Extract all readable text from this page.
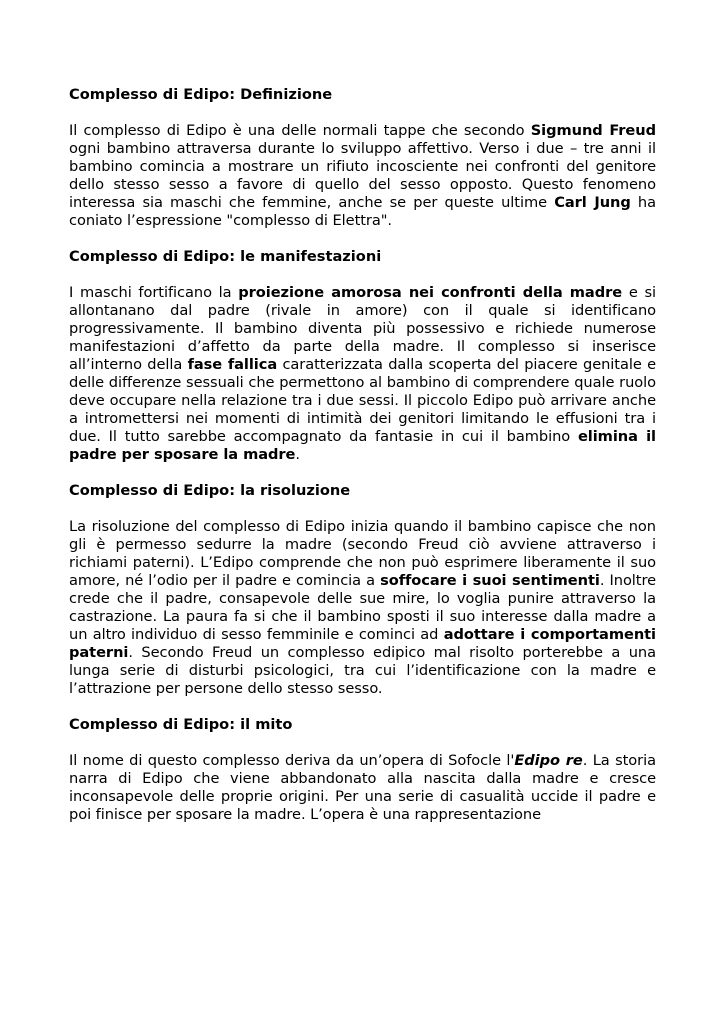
Complesso di Edipo: Definizione
Il complesso di Edipo è una delle normali tappe che secondo Sigmund Freud ogni bambino attraversa durante lo sviluppo affettivo. Verso i due – tre anni il bambino comincia a mostrare un rifiuto incosciente nei confronti del genitore dello stesso sesso a favore di quello del sesso opposto. Questo fenomeno interessa sia maschi che femmine, anche se per queste ultime Carl Jung ha coniato l’espressione "complesso di Elettra".
Complesso di Edipo: le manifestazioni
I maschi fortificano la proiezione amorosa nei confronti della madre e si allontanano dal padre (rivale in amore) con il quale si identificano progressivamente. Il bambino diventa più possessivo e richiede numerose manifestazioni d’affetto da parte della madre. Il complesso si inserisce all’interno della fase fallica caratterizzata dalla scoperta del piacere genitale e delle differenze sessuali che permettono al bambino di comprendere quale ruolo deve occupare nella relazione tra i due sessi. Il piccolo Edipo può arrivare anche a intromettersi nei momenti di intimità dei genitori limitando le effusioni tra i due. Il tutto sarebbe accompagnato da fantasie in cui il bambino elimina il padre per sposare la madre.
Complesso di Edipo: la risoluzione
La risoluzione del complesso di Edipo inizia quando il bambino capisce che non gli è permesso sedurre la madre (secondo Freud ciò avviene attraverso i richiami paterni). L’Edipo comprende che non può esprimere liberamente il suo amore, né l’odio per il padre e comincia a soffocare i suoi sentimenti. Inoltre crede che il padre, consapevole delle sue mire, lo voglia punire attraverso la castrazione. La paura fa si che il bambino sposti il suo interesse dalla madre a un altro individuo di sesso femminile e cominci ad adottare i comportamenti paterni. Secondo Freud un complesso edipico mal risolto porterebbe a una lunga serie di disturbi psicologici, tra cui l’identificazione con la madre e l’attrazione per persone dello stesso sesso.
Complesso di Edipo: il mito
Il nome di questo complesso deriva da un’opera di Sofocle l'Edipo re. La storia narra di Edipo che viene abbandonato alla nascita dalla madre e cresce inconsapevole delle proprie origini. Per una serie di casualità uccide il padre e poi finisce per sposare la madre. L’opera è una rappresentazione
